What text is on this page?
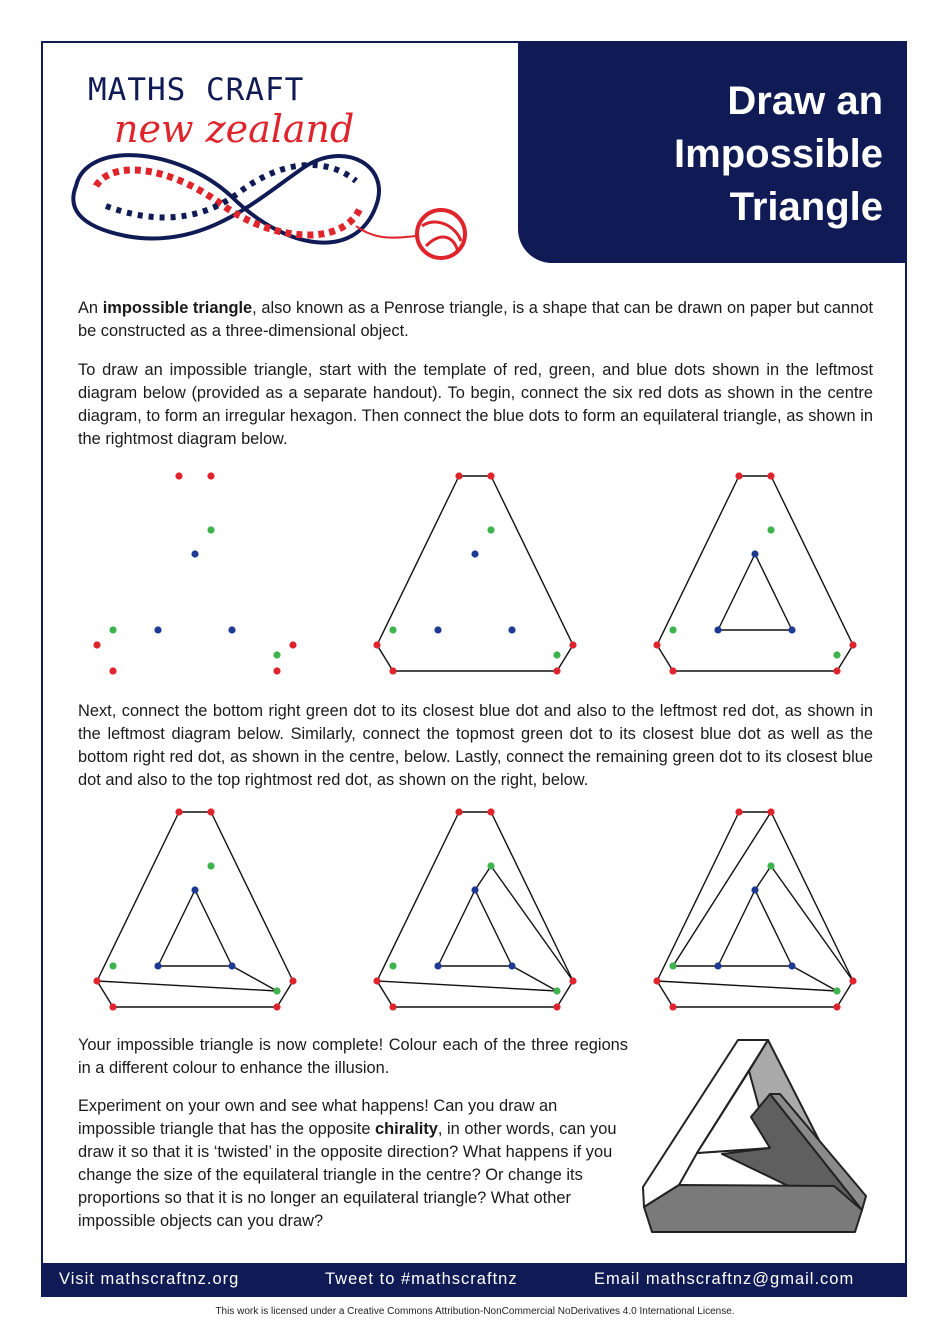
MATHS CRAFT
new zealand
Draw an
Impossible
Triangle

An impossible triangle, also known as a Penrose triangle, is a shape that can be drawn on paper but cannot be constructed as a three-dimensional object.

To draw an impossible triangle, start with the template of red, green, and blue dots shown in the leftmost diagram below (provided as a separate handout). To begin, connect the six red dots as shown in the centre diagram, to form an irregular hexagon. Then connect the blue dots to form an equilateral triangle, as shown in the rightmost diagram below.

Next, connect the bottom right green dot to its closest blue dot and also to the leftmost red dot, as shown in the leftmost diagram below. Similarly, connect the topmost green dot to its closest blue dot as well as the bottom right red dot, as shown in the centre, below. Lastly, connect the remaining green dot to its closest blue dot and also to the top rightmost red dot, as shown on the right, below.

Your impossible triangle is now complete! Colour each of the three regions in a different colour to enhance the illusion.

Experiment on your own and see what happens! Can you draw an impossible triangle that has the opposite chirality, in other words, can you draw it so that it is ‘twisted’ in the opposite direction? What happens if you change the size of the equilateral triangle in the centre? Or change its proportions so that it is no longer an equilateral triangle? What other impossible objects can you draw?

Visit mathscraftnz.org	Tweet to #mathscraftnz	Email mathscraftnz@gmail.com

This work is licensed under a Creative Commons Attribution-NonCommercial NoDerivatives 4.0 International License.
